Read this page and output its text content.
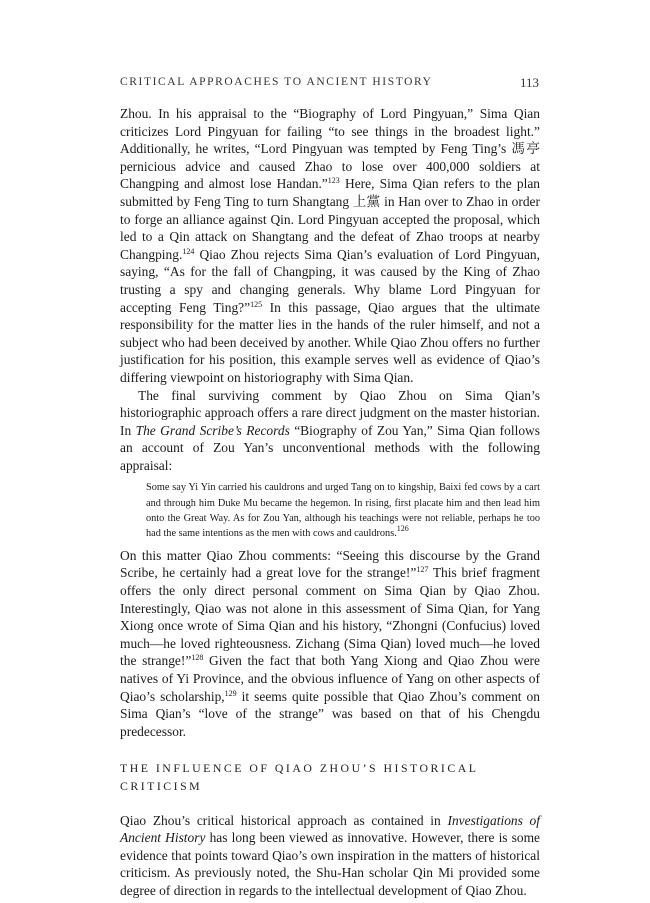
CRITICAL APPROACHES TO ANCIENT HISTORY	113

Zhou. In his appraisal to the “Biography of Lord Pingyuan,” Sima Qian criticizes Lord Pingyuan for failing “to see things in the broadest light.” Additionally, he writes, “Lord Pingyuan was tempted by Feng Ting’s 馮亭 pernicious advice and caused Zhao to lose over 400,000 soldiers at Changping and almost lose Handan.”$^{123}$ Here, Sima Qian refers to the plan submitted by Feng Ting to turn Shangtang 上黨 in Han over to Zhao in order to forge an alliance against Qin. Lord Pingyuan accepted the proposal, which led to a Qin attack on Shangtang and the defeat of Zhao troops at nearby Changping.$^{124}$ Qiao Zhou rejects Sima Qian’s evaluation of Lord Pingyuan, saying, “As for the fall of Changping, it was caused by the King of Zhao trusting a spy and changing generals. Why blame Lord Pingyuan for accepting Feng Ting?”$^{125}$ In this passage, Qiao argues that the ultimate responsibility for the matter lies in the hands of the ruler himself, and not a subject who had been deceived by another. While Qiao Zhou offers no further justification for his position, this example serves well as evidence of Qiao’s differing viewpoint on historiography with Sima Qian.

The final surviving comment by Qiao Zhou on Sima Qian’s historiographic approach offers a rare direct judgment on the master historian. In The Grand Scribe’s Records “Biography of Zou Yan,” Sima Qian follows an account of Zou Yan’s unconventional methods with the following appraisal:

Some say Yi Yin carried his cauldrons and urged Tang on to kingship, Baixi fed cows by a cart and through him Duke Mu became the hegemon. In rising, first placate him and then lead him onto the Great Way. As for Zou Yan, although his teachings were not reliable, perhaps he too had the same intentions as the men with cows and cauldrons.$^{126}$

On this matter Qiao Zhou comments: “Seeing this discourse by the Grand Scribe, he certainly had a great love for the strange!”$^{127}$ This brief fragment offers the only direct personal comment on Sima Qian by Qiao Zhou. Interestingly, Qiao was not alone in this assessment of Sima Qian, for Yang Xiong once wrote of Sima Qian and his history, “Zhongni (Confucius) loved much—he loved righteousness. Zichang (Sima Qian) loved much—he loved the strange!”$^{128}$ Given the fact that both Yang Xiong and Qiao Zhou were natives of Yi Province, and the obvious influence of Yang on other aspects of Qiao’s scholarship,$^{129}$ it seems quite possible that Qiao Zhou’s comment on Sima Qian’s “love of the strange” was based on that of his Chengdu predecessor.

THE INFLUENCE OF QIAO ZHOU’S HISTORICAL CRITICISM

Qiao Zhou’s critical historical approach as contained in Investigations of Ancient History has long been viewed as innovative. However, there is some evidence that points toward Qiao’s own inspiration in the matters of historical criticism. As previously noted, the Shu-Han scholar Qin Mi provided some degree of direction in regards to the intellectual development of Qiao Zhou.
